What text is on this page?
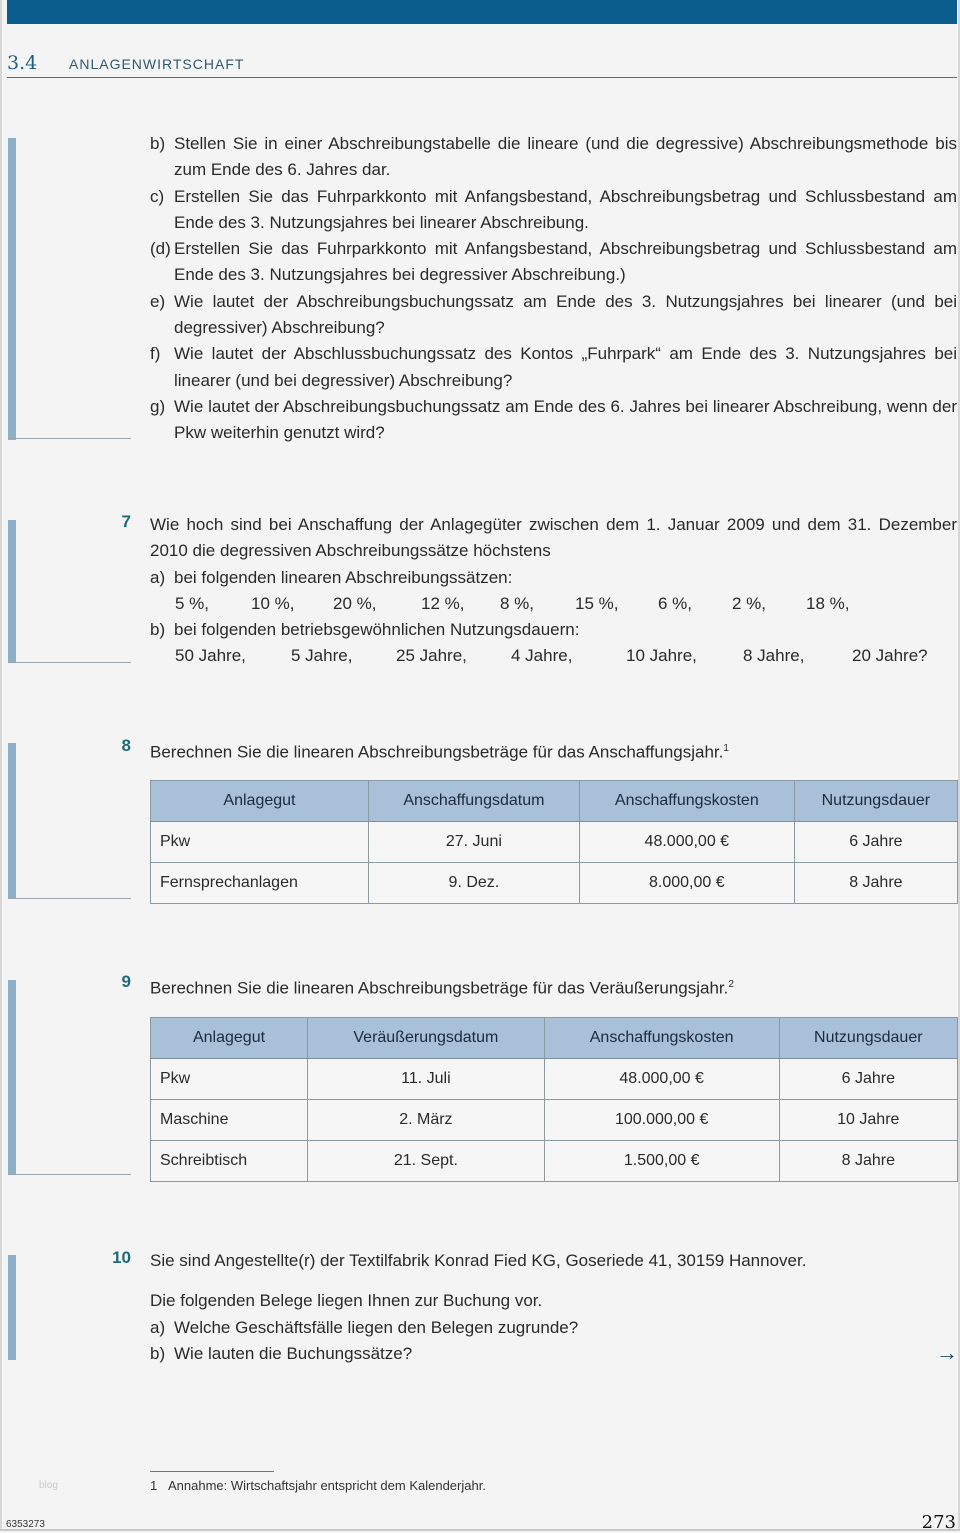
3.4 ANLAGENWIRTSCHAFT
b) Stellen Sie in einer Abschreibungstabelle die lineare (und die degressive) Abschreibungsmethode bis zum Ende des 6. Jahres dar.
c) Erstellen Sie das Fuhrparkkonto mit Anfangsbestand, Abschreibungsbetrag und Schlussbestand am Ende des 3. Nutzungsjahres bei linearer Abschreibung.
(d) Erstellen Sie das Fuhrparkkonto mit Anfangsbestand, Abschreibungsbetrag und Schlussbestand am Ende des 3. Nutzungsjahres bei degressiver Abschreibung.)
e) Wie lautet der Abschreibungsbuchungssatz am Ende des 3. Nutzungsjahres bei linearer (und bei degressiver) Abschreibung?
f) Wie lautet der Abschlussbuchungssatz des Kontos „Fuhrpark“ am Ende des 3. Nutzungsjahres bei linearer (und bei degressiver) Abschreibung?
g) Wie lautet der Abschreibungsbuchungssatz am Ende des 6. Jahres bei linearer Abschreibung, wenn der Pkw weiterhin genutzt wird?
7 Wie hoch sind bei Anschaffung der Anlagegüter zwischen dem 1. Januar 2009 und dem 31. Dezember 2010 die degressiven Abschreibungssätze höchstens
a) bei folgenden linearen Abschreibungssätzen:
5 %,	10 %,	20 %,	12 %,	8 %,	15 %,	6 %,	2 %,	18 %,
b) bei folgenden betriebsgewöhnlichen Nutzungsdauern:
50 Jahre,	5 Jahre,	25 Jahre,	4 Jahre,	10 Jahre,	8 Jahre,	20 Jahre?
8 Berechnen Sie die linearen Abschreibungsbeträge für das Anschaffungsjahr.$^1$
Anlagegut	Anschaffungsdatum	Anschaffungskosten	Nutzungsdauer
Pkw	27. Juni	48.000,00 €	6 Jahre
Fernsprechanlagen	9. Dez.	8.000,00 €	8 Jahre
9 Berechnen Sie die linearen Abschreibungsbeträge für das Veräußerungsjahr.$^2$
Anlagegut	Veräußerungsdatum	Anschaffungskosten	Nutzungsdauer
Pkw	11. Juli	48.000,00 €	6 Jahre
Maschine	2. März	100.000,00 €	10 Jahre
Schreibtisch	21. Sept.	1.500,00 €	8 Jahre
10 Sie sind Angestellte(r) der Textilfabrik Konrad Fied KG, Goseriede 41, 30159 Hannover.
Die folgenden Belege liegen Ihnen zur Buchung vor.
a) Welche Geschäftsfälle liegen den Belegen zugrunde?
b) Wie lauten die Buchungssätze?	→
1 Annahme: Wirtschaftsjahr entspricht dem Kalenderjahr.
blog
6353273	273
